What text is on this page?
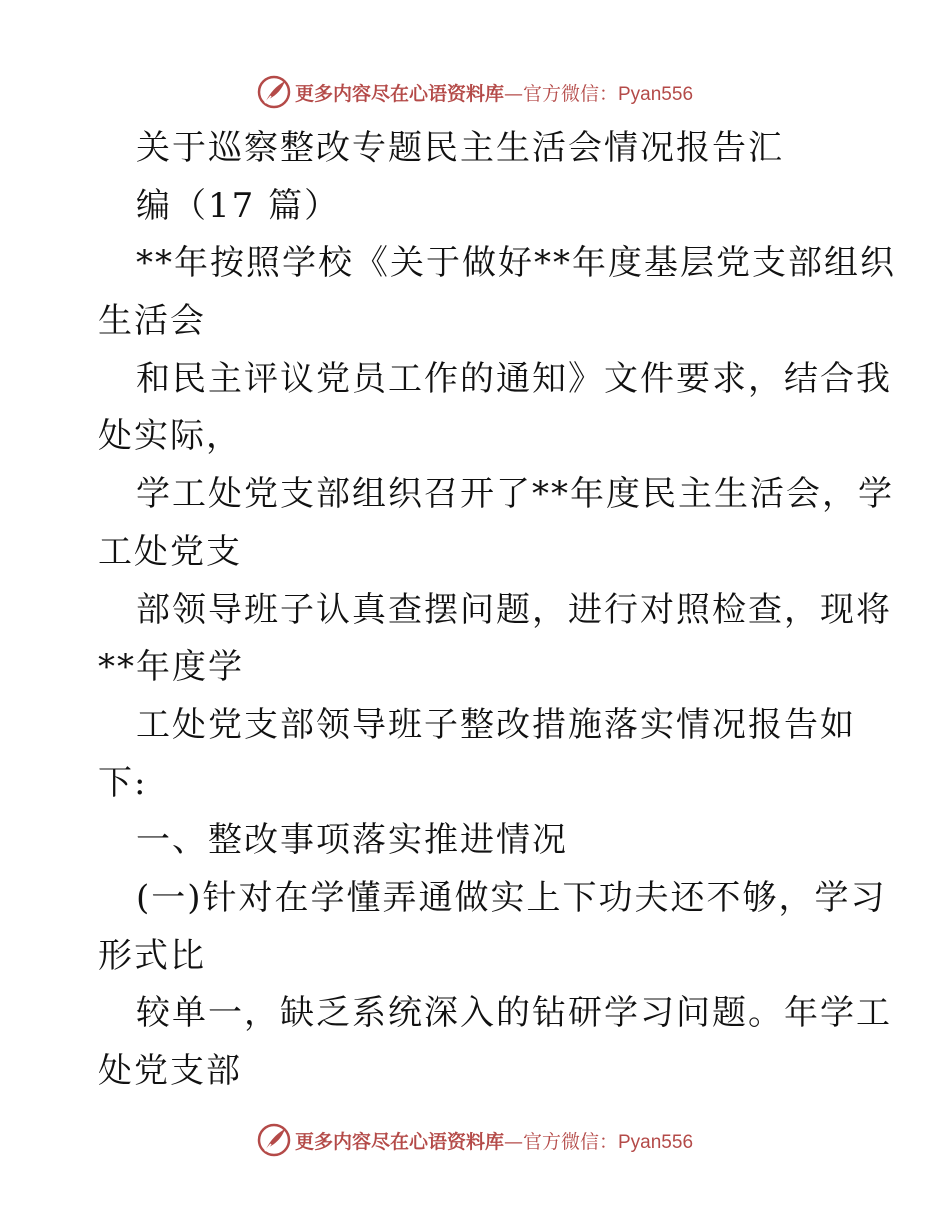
更多内容尽在心语资料库—官方微信：Pyan556
关于巡察整改专题民主生活会情况报告汇
编（17 篇）
**年按照学校《关于做好**年度基层党支部组织
生活会
和民主评议党员工作的通知》文件要求，结合我
处实际，
学工处党支部组织召开了**年度民主生活会，学
工处党支
部领导班子认真查摆问题，进行对照检查，现将
**年度学
工处党支部领导班子整改措施落实情况报告如
下:
一、整改事项落实推进情况
(一)针对在学懂弄通做实上下功夫还不够，学习
形式比
较单一，缺乏系统深入的钻研学习问题。年学工
处党支部
更多内容尽在心语资料库—官方微信：Pyan556
